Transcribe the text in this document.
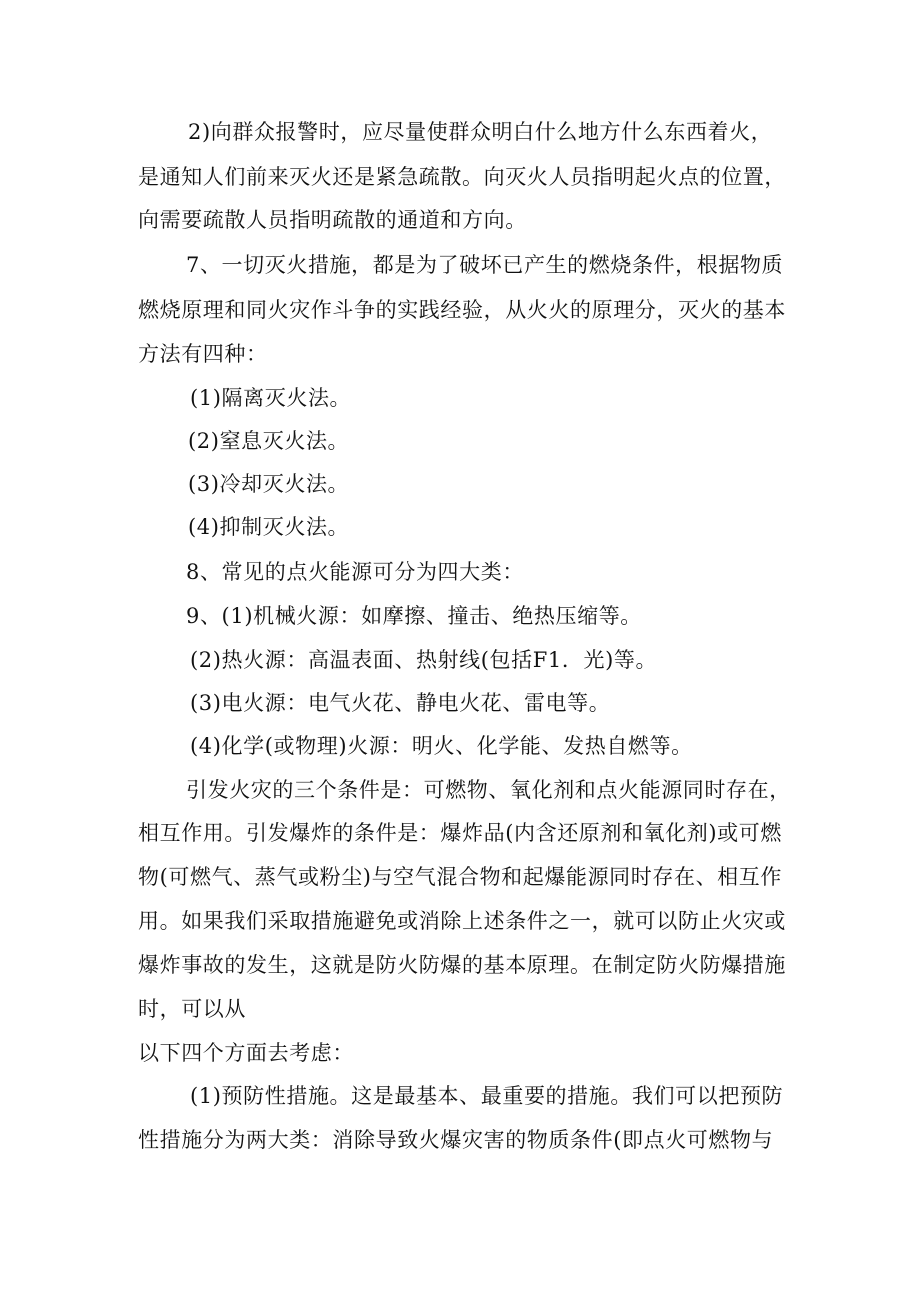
2)向群众报警时，应尽量使群众明白什么地方什么东西着火，
是通知人们前来灭火还是紧急疏散。向灭火人员指明起火点的位置，
向需要疏散人员指明疏散的通道和方向。
7、一切灭火措施，都是为了破坏已产生的燃烧条件，根据物质
燃烧原理和同火灾作斗争的实践经验，从火火的原理分，灭火的基本
方法有四种：
(1)隔离灭火法。
(2)窒息灭火法。
(3)冷却灭火法。
(4)抑制灭火法。
8、常见的点火能源可分为四大类：
9、(1)机械火源：如摩擦、撞击、绝热压缩等。
(2)热火源：高温表面、热射线(包括F1．光)等。
(3)电火源：电气火花、静电火花、雷电等。
(4)化学(或物理)火源：明火、化学能、发热自燃等。
引发火灾的三个条件是：可燃物、氧化剂和点火能源同时存在，
相互作用。引发爆炸的条件是：爆炸品(内含还原剂和氧化剂)或可燃
物(可燃气、蒸气或粉尘)与空气混合物和起爆能源同时存在、相互作
用。如果我们采取措施避免或消除上述条件之一，就可以防止火灾或
爆炸事故的发生，这就是防火防爆的基本原理。在制定防火防爆措施
时，可以从
以下四个方面去考虑：
(1)预防性措施。这是最基本、最重要的措施。我们可以把预防
性措施分为两大类：消除导致火爆灾害的物质条件(即点火可燃物与
